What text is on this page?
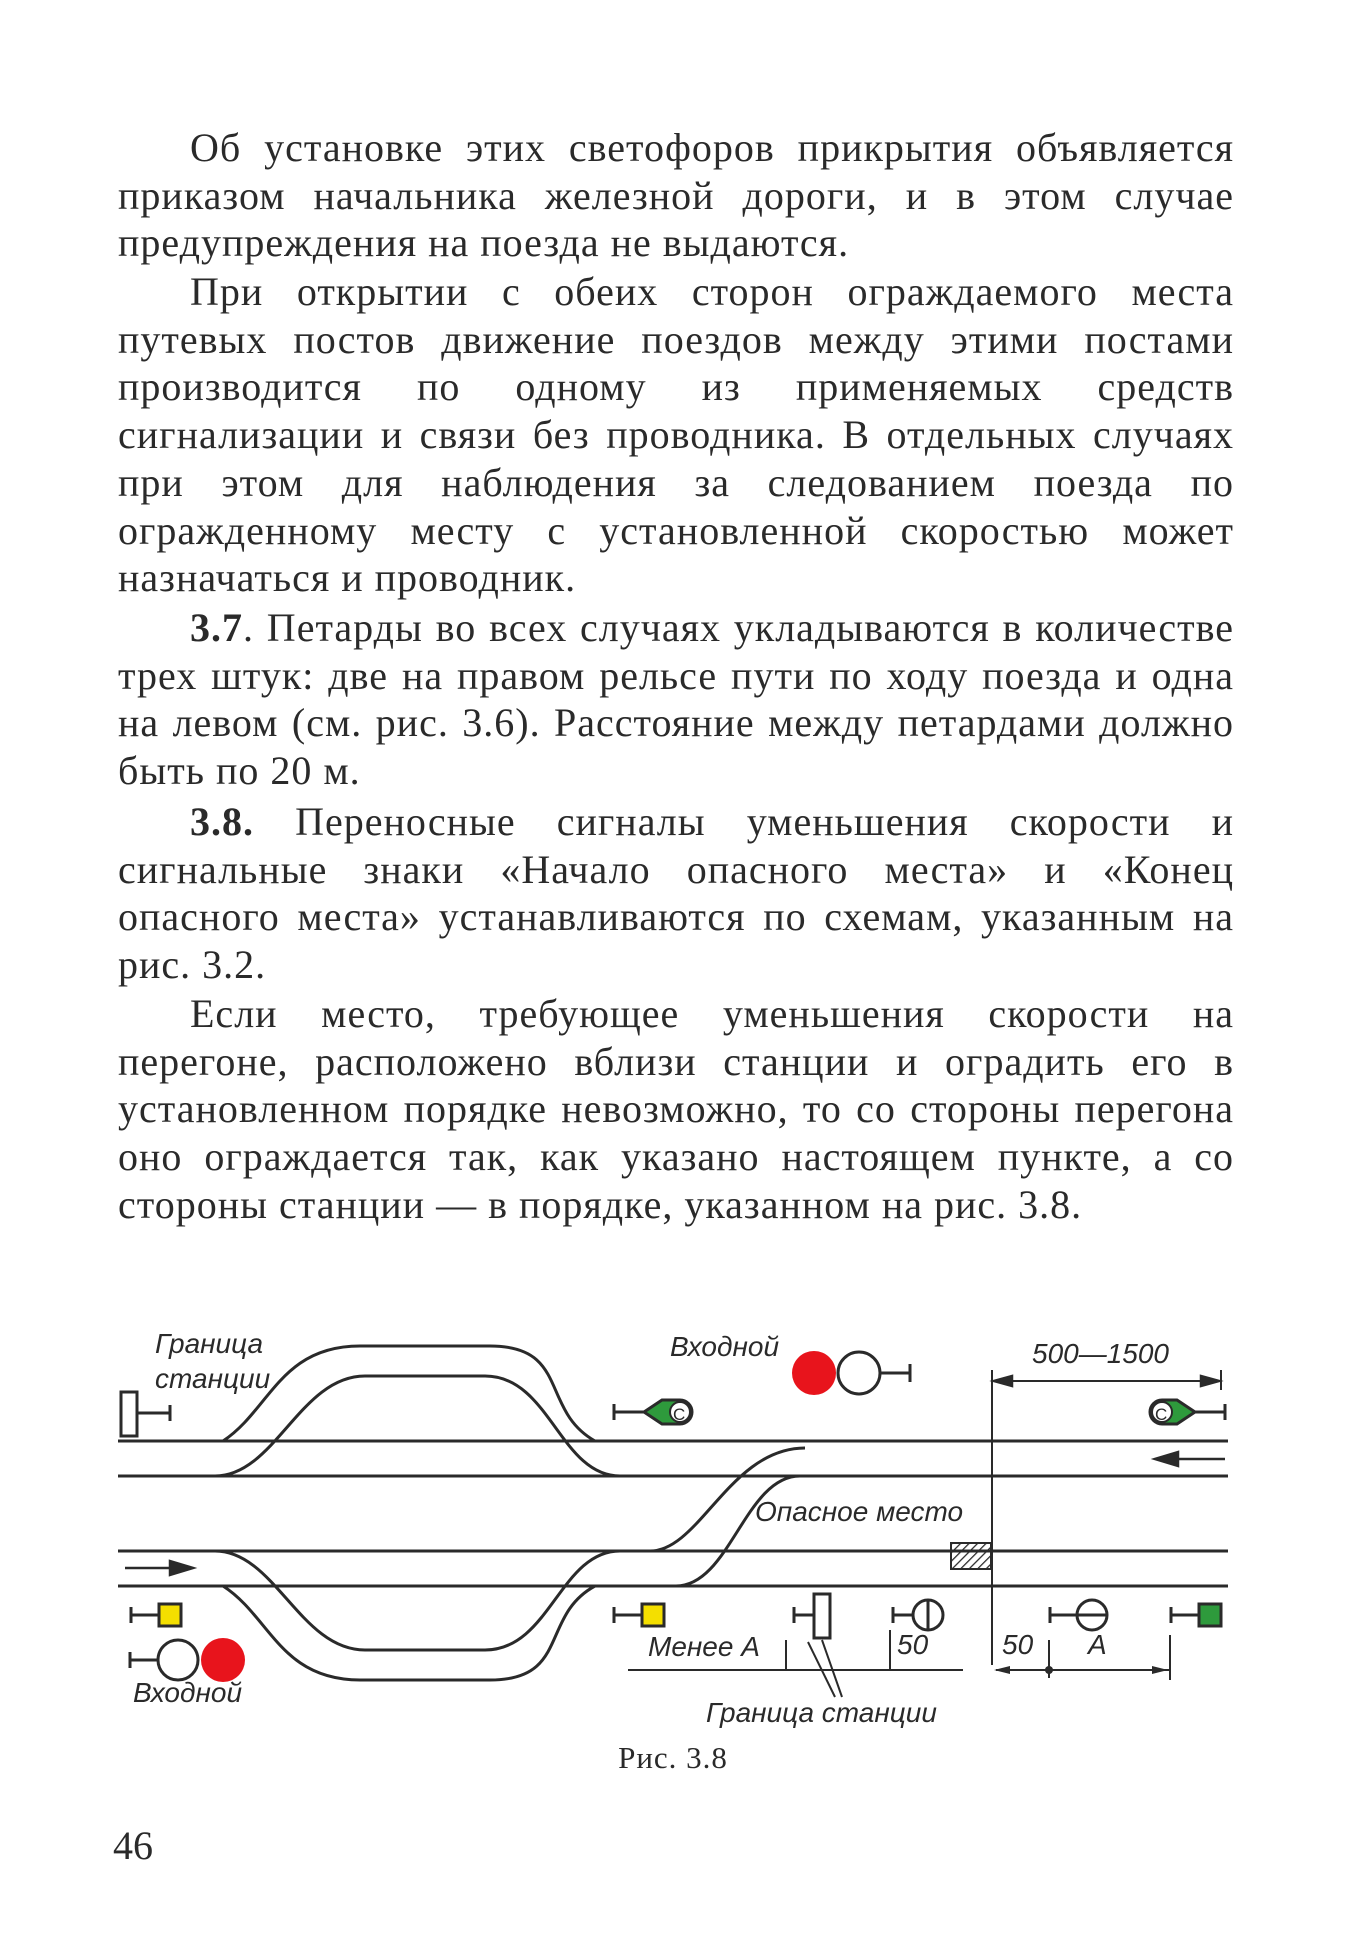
Об установке этих светофоров прикрытия объявляется приказом начальника железной дороги, и в этом случае предупреждения на поезда не выдаются.

При открытии с обеих сторон ограждаемого места путевых постов движение поездов между этими постами производится по одному из применяемых средств сигнализации и связи без проводника. В отдельных случаях при этом для наблюдения за следованием поезда по огражденному месту с установленной скоростью может назначаться и проводник.

3.7. Петарды во всех случаях укладываются в количестве трех штук: две на правом рельсе пути по ходу поезда и одна на левом (см. рис. 3.6). Расстояние между петардами должно быть по 20 м.

3.8. Переносные сигналы уменьшения скорости и сигнальные знаки «Начало опасного места» и «Конец опасного места» устанавливаются по схемам, указанным на рис. 3.2.

Если место, требующее уменьшения скорости на перегоне, расположено вблизи станции и оградить его в установленном порядке невозможно, то со стороны перегона оно ограждается так, как указано настоящем пункте, а со стороны станции — в порядке, указанном на рис. 3.8.

Граница
станции
Входной	500—1500
Опасное место
Входной
Менее А	50	50 А
Граница станции
С	С
Рис. 3.8
46
